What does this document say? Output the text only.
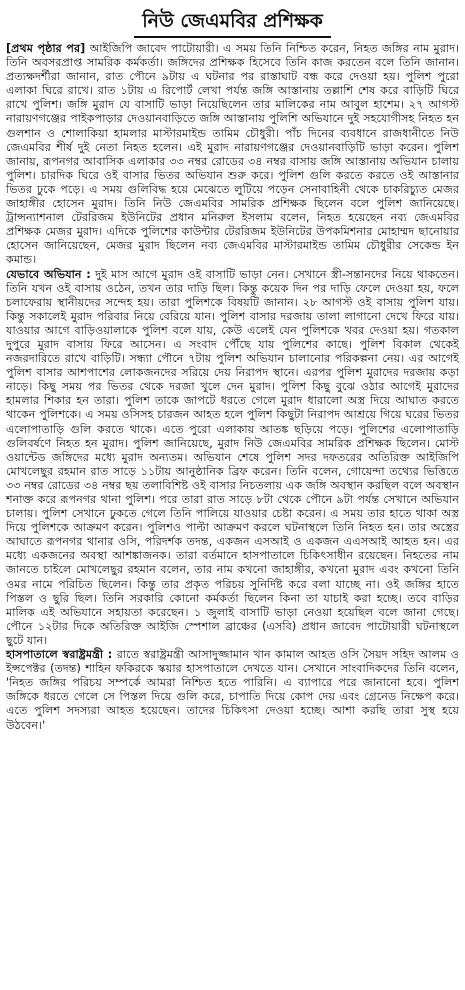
নিউ জেএমবির প্রশিক্ষক

[প্রথম পৃষ্ঠার পর] আইজিপি জাবেদ পাটোয়ারী। এ সময় তিনি নিশ্চিত করেন, নিহত জঙ্গির নাম মুরাদ। তিনি অবসরপ্রাপ্ত সামরিক কর্মকর্তা। জঙ্গিদের প্রশিক্ষক হিসেবে তিনি কাজ করতেন বলে তিনি জানান। প্রত্যক্ষদর্শীরা জানান, রাত পৌনে ৯টায় এ ঘটনার পর রাস্তাঘাট বন্ধ করে দেওয়া হয়। পুলিশ পুরো এলাকা ঘিরে রাখে। রাত ১টায় এ রিপোর্ট লেখা পর্যন্ত জঙ্গি আস্তানায় তল্লাশি শেষ করে বাড়িটি ঘিরে রাখে পুলিশ। জঙ্গি মুরাদ যে বাসাটি ভাড়া নিয়েছিলেন তার মালিকের নাম আবুল হাশেম। ২৭ আগস্ট নারায়ণগঞ্জের পাইকপাড়ার দেওয়ানবাড়িতে জঙ্গি আস্তানায় পুলিশি অভিযানে দুই সহযোগীসহ নিহত হন গুলশান ও শোলাকিয়া হামলার মাস্টারমাইন্ড তামিম চৌধুরী। পাঁচ দিনের ব্যবধানে রাজধানীতে নিউ জেএমবির শীর্ষ দুই নেতা নিহত হলেন। এই মুরাদ নারায়ণগঞ্জের দেওয়ানবাড়িটি ভাড়া করেন। পুলিশ জানায়, রূপনগর আবাসিক এলাকার ৩৩ নম্বর রোডের ৩৪ নম্বর বাসায় জঙ্গি আস্তানায় অভিযান চালায় পুলিশ। চারদিক ঘিরে ওই বাসার ভিতর অভিযান শুরু করে। পুলিশ গুলি করতে করতে ওই আস্তানার ভিতর ঢুকে পড়ে। এ সময় গুলিবিদ্ধ হয়ে মেঝেতে লুটিয়ে পড়েন সেনাবাহিনী থেকে চাকরিচ্যুত মেজর জাহাঙ্গীর হোসেন মুরাদ। তিনি নিউ জেএমবির সামরিক প্রশিক্ষক ছিলেন বলে পুলিশ জানিয়েছে। ট্রান্সন্যাশনাল টেররিজম ইউনিটের প্রধান মনিরুল ইসলাম বলেন, নিহত হয়েছেন নব্য জেএমবির প্রশিক্ষক মেজর মুরাদ। এদিকে পুলিশের কাউন্টার টেররিজম ইউনিটের উপকমিশনার মোহাম্মদ ছানোয়ার হোসেন জানিয়েছেন, মেজর মুরাদ ছিলেন নব্য জেএমবির মাস্টারমাইন্ড তামিম চৌধুরীর সেকেন্ড ইন কমান্ড।

যেভাবে অভিযান : দুই মাস আগে মুরাদ ওই বাসাটি ভাড়া নেন। সেখানে স্ত্রী-সন্তানদের নিয়ে থাকতেন। তিনি যখন ওই বাসায় ওঠেন, তখন তার দাড়ি ছিল। কিন্তু কয়েক দিন পর দাড়ি ফেলে দেওয়া হয়, ফলে চলাফেরায় স্থানীয়দের সন্দেহ হয়। তারা পুলিশকে বিষয়টি জানান। ২৮ আগস্ট ওই বাসায় পুলিশ যায়। কিন্তু সকালেই মুরাদ পরিবার নিয়ে বেরিয়ে যান। পুলিশ বাসার দরজায় তালা লাগানো দেখে ফিরে যায়। যাওয়ার আগে বাড়িওয়ালাকে পুলিশ বলে যায়, কেউ এলেই যেন পুলিশকে খবর দেওয়া হয়। গতকাল দুপুরে মুরাদ বাসায় ফিরে আসেন। এ সংবাদ পৌঁছে যায় পুলিশের কাছে। পুলিশ বিকাল থেকেই নজরদারিতে রাখে বাড়িটি। সন্ধ্যা পৌনে ৭টায় পুলিশ অভিযান চালানোর পরিকল্পনা নেয়। এর আগেই পুলিশ বাসার আশপাশের লোকজনদের সরিয়ে দেয় নিরাপদ স্থানে। এরপর পুলিশ মুরাদের দরজায় কড়া নাড়ে। কিছু সময় পর ভিতর থেকে দরজা খুলে দেন মুরাদ। পুলিশ কিছু বুঝে ওঠার আগেই মুরাদের হামলার শিকার হন তারা। পুলিশ তাকে জাপটে ধরতে গেলে মুরাদ ধারালো অস্ত্র দিয়ে আঘাত করতে থাকেন পুলিশকে। এ সময় ওসিসহ চারজন আহত হলে পুলিশ কিছুটা নিরাপদ আশ্রয়ে গিয়ে ঘরের ভিতর এলোপাতাড়ি গুলি করতে থাকে। এতে পুরো এলাকায় আতঙ্ক ছড়িয়ে পড়ে। পুলিশের এলোপাতাড়ি গুলিবর্ষণে নিহত হন মুরাদ। পুলিশ জানিয়েছে, মুরাদ নিউ জেএমবির সামরিক প্রশিক্ষক ছিলেন। মোস্ট ওয়ান্টেড জঙ্গিদের মধ্যে মুরাদ অন্যতম। অভিযান শেষে পুলিশ সদর দফতরের অতিরিক্ত আইজিপি মোখলেছুর রহমান রাত সাড়ে ১১টায় আনুষ্ঠানিক ব্রিফ করেন। তিনি বলেন, গোয়েন্দা তথ্যের ভিত্তিতে ৩৩ নম্বর রোডের ৩৪ নম্বর ছয় তলাবিশিষ্ট ওই বাসার নিচতলায় এক জঙ্গি অবস্থান করছিল বলে অবস্থান শনাক্ত করে রূপনগর থানা পুলিশ। পরে তারা রাত সাড়ে ৮টা থেকে পৌনে ৯টা পর্যন্ত সেখানে অভিযান চালায়। পুলিশ সেখানে ঢুকতে গেলে তিনি পালিয়ে যাওয়ার চেষ্টা করেন। এ সময় তার হাতে থাকা অস্ত্র দিয়ে পুলিশকে আক্রমণ করেন। পুলিশও পাল্টা আক্রমণ করলে ঘটনাস্থলে তিনি নিহত হন। তার অস্ত্রের আঘাতে রূপনগর থানার ওসি, পরিদর্শক তদন্ত, একজন এসআই ও একজন এএসআই আহত হন। এর মধ্যে একজনের অবস্থা আশঙ্কাজনক। তারা বর্তমানে হাসপাতালে চিকিৎসাধীন রয়েছেন। নিহতের নাম জানতে চাইলে মোখলেছুর রহমান বলেন, তার নাম কখনো জাহাঙ্গীর, কখনো মুরাদ এবং কখনো তিনি ওমর নামে পরিচিত ছিলেন। কিন্তু তার প্রকৃত পরিচয় সুনির্দিষ্ট করে বলা যাচ্ছে না। ওই জঙ্গির হাতে পিস্তল ও ছুরি ছিল। তিনি সরকারি কোনো কর্মকর্তা ছিলেন কিনা তা যাচাই করা হচ্ছে। তবে বাড়ির মালিক এই অভিযানে সহায়তা করেছেন। ১ জুলাই বাসাটি ভাড়া নেওয়া হয়েছিল বলে জানা গেছে। পৌনে ১২টার দিকে অতিরিক্ত আইজি স্পেশাল ব্রাঞ্চের (এসবি) প্রধান জাবেদ পাটোয়ারী ঘটনাস্থলে ছুটে যান।

হাসপাতালে স্বরাষ্ট্রমন্ত্রী : রাতে স্বরাষ্ট্রমন্ত্রী আসাদুজ্জামান খান কামাল আহত ওসি সৈয়দ সহিদ আলম ও ইন্সপেক্টর (তদন্ত) শাহিন ফকিরকে স্কয়ার হাসপাতালে দেখতে যান। সেখানে সাংবাদিকদের তিনি বলেন, 'নিহত জঙ্গির পরিচয় সম্পর্কে আমরা নিশ্চিত হতে পারিনি। এ ব্যাপারে পরে জানানো হবে। পুলিশ জঙ্গিকে ধরতে গেলে সে পিস্তল দিয়ে গুলি করে, চাপাতি দিয়ে কোপ দেয় এবং গ্রেনেড নিক্ষেপ করে। এতে পুলিশ সদস্যরা আহত হয়েছেন। তাদের চিকিৎসা দেওয়া হচ্ছে। আশা করছি তারা সুস্থ হয়ে উঠবেন।'
